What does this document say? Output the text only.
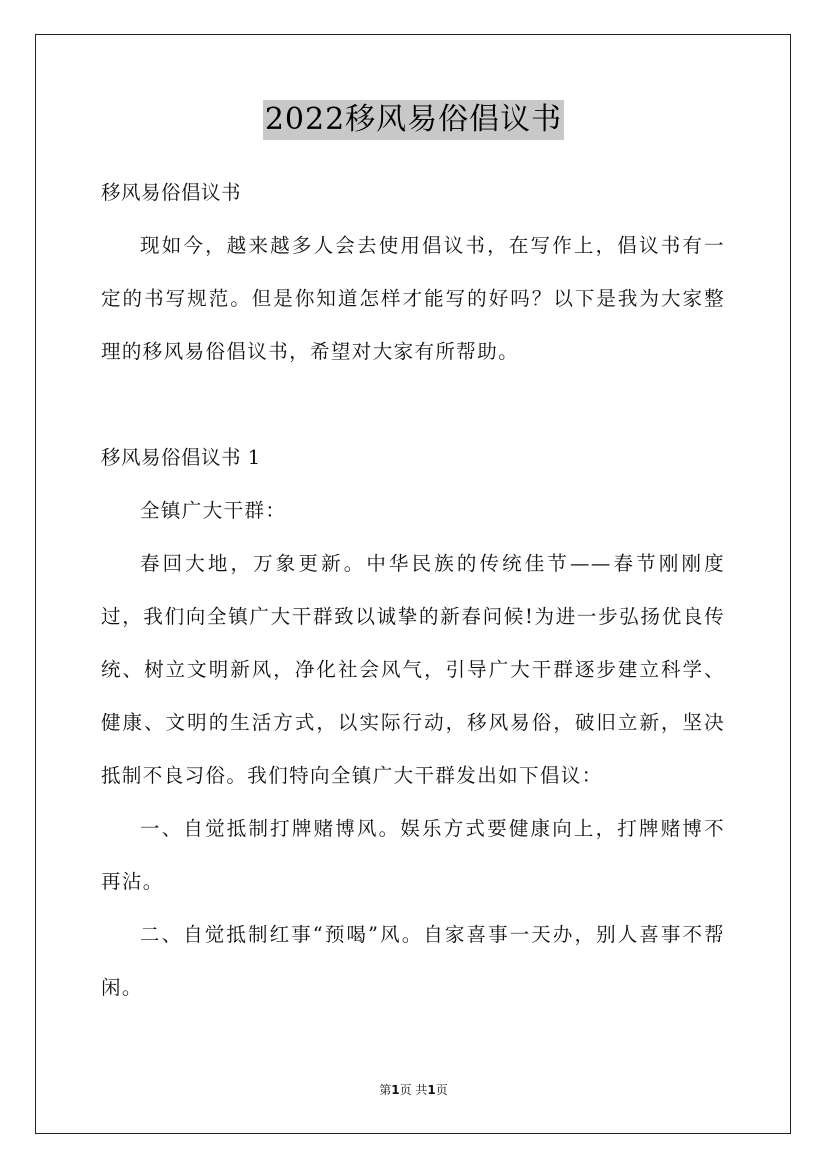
2022移风易俗倡议书

移风易俗倡议书

现如今，越来越多人会去使用倡议书，在写作上，倡议书有一定的书写规范。但是你知道怎样才能写的好吗？以下是我为大家整理的移风易俗倡议书，希望对大家有所帮助。

移风易俗倡议书 1

全镇广大干群：

春回大地，万象更新。中华民族的传统佳节——春节刚刚度过，我们向全镇广大干群致以诚挚的新春问候!为进一步弘扬优良传统、树立文明新风，净化社会风气，引导广大干群逐步建立科学、健康、文明的生活方式，以实际行动，移风易俗，破旧立新，坚决抵制不良习俗。我们特向全镇广大干群发出如下倡议：

一、自觉抵制打牌赌博风。娱乐方式要健康向上，打牌赌博不再沾。

二、自觉抵制红事“预喝”风。自家喜事一天办，别人喜事不帮闲。

第1页 共1页
